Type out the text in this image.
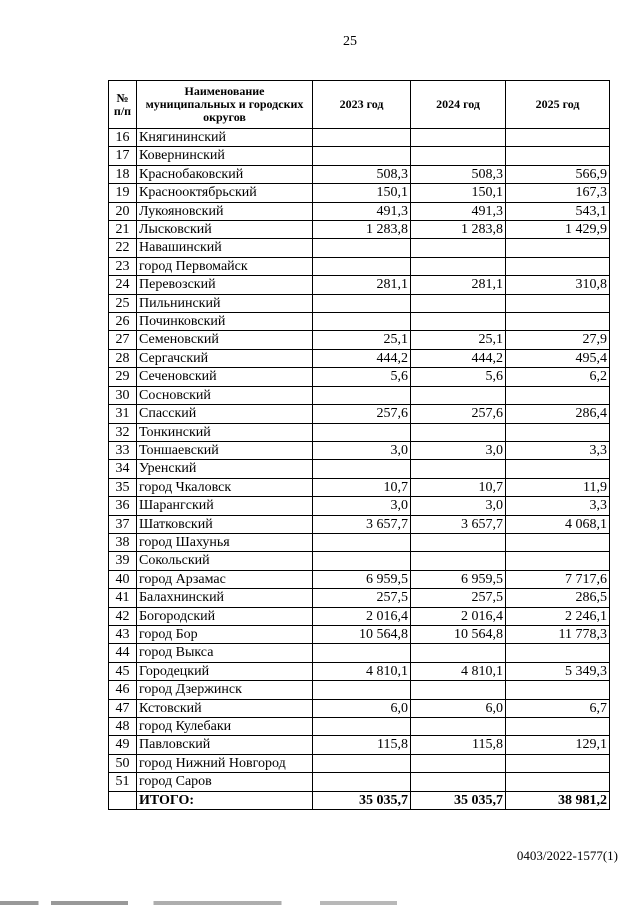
25
№ п/п	Наименование муниципальных и городских округов	2023 год	2024 год	2025 год
16	Княгининский			
17	Ковернинский			
18	Краснобаковский	508,3	508,3	566,9
19	Краснооктябрьский	150,1	150,1	167,3
20	Лукояновский	491,3	491,3	543,1
21	Лысковский	1 283,8	1 283,8	1 429,9
22	Навашинский			
23	город Первомайск			
24	Перевозский	281,1	281,1	310,8
25	Пильнинский			
26	Починковский			
27	Семеновский	25,1	25,1	27,9
28	Сергачский	444,2	444,2	495,4
29	Сеченовский	5,6	5,6	6,2
30	Сосновский			
31	Спасский	257,6	257,6	286,4
32	Тонкинский			
33	Тоншаевский	3,0	3,0	3,3
34	Уренский			
35	город Чкаловск	10,7	10,7	11,9
36	Шарангский	3,0	3,0	3,3
37	Шатковский	3 657,7	3 657,7	4 068,1
38	город Шахунья			
39	Сокольский			
40	город Арзамас	6 959,5	6 959,5	7 717,6
41	Балахнинский	257,5	257,5	286,5
42	Богородский	2 016,4	2 016,4	2 246,1
43	город Бор	10 564,8	10 564,8	11 778,3
44	город Выкса			
45	Городецкий	4 810,1	4 810,1	5 349,3
46	город Дзержинск			
47	Кстовский	6,0	6,0	6,7
48	город Кулебаки			
49	Павловский	115,8	115,8	129,1
50	город Нижний Новгород			
51	город Саров			
	ИТОГО:	35 035,7	35 035,7	38 981,2
0403/2022-1577(1)
